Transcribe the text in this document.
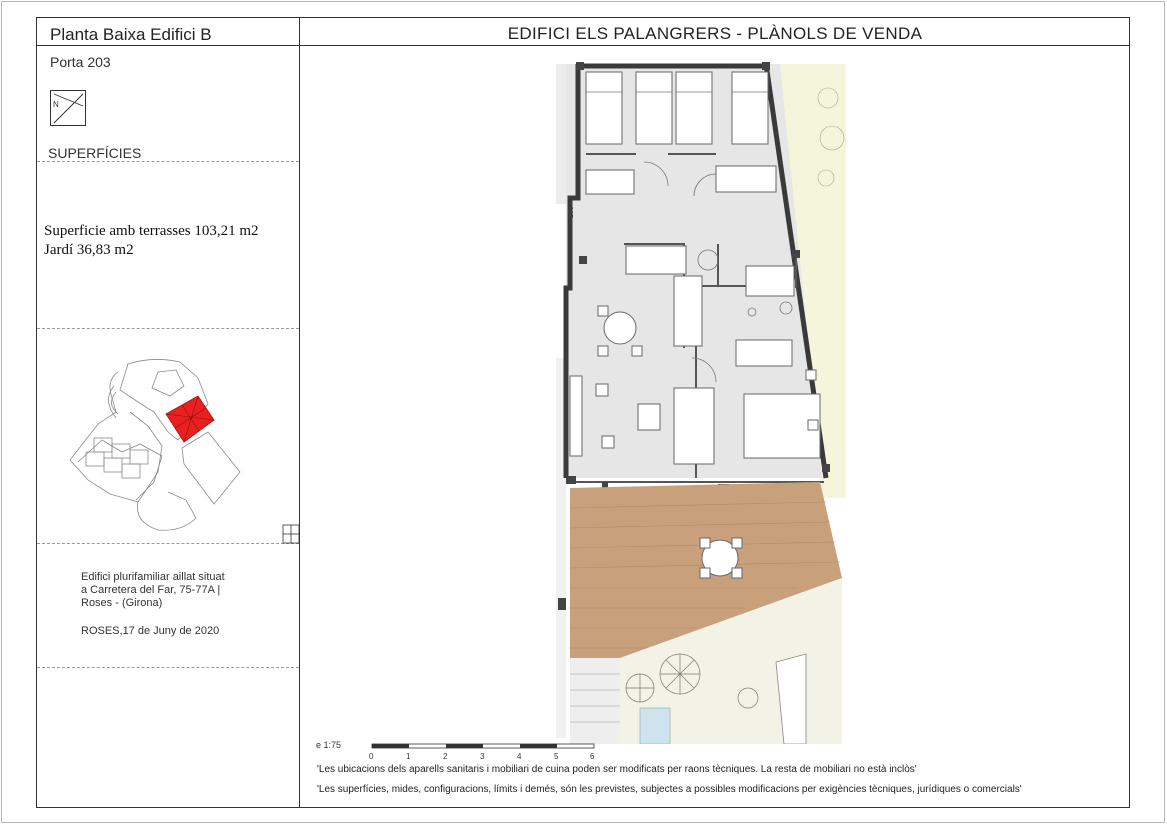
Planta Baixa Edifici B	EDIFICI ELS PALANGRERS - PLÀNOLS DE VENDA
Porta 203
N
SUPERFÍCIES
Superficie amb terrasses 103,21 m2
Jardí 36,83 m2
Edifici plurifamiliar aillat situat
a Carretera del Far, 75-77A |
Roses - (Girona)
ROSES,17 de Juny de 2020
203
e 1:75
0	1	2	3	4	5	6
'Les ubicacions dels aparells sanitaris i mobiliari de cuina poden ser modificats per raons tècniques. La resta de mobiliari no està inclòs'
'Les superfícies, mides, configuracions, límits i demés, són les previstes, subjectes a possibles modificacions per exigències tècniques, jurídiques o comercials'
